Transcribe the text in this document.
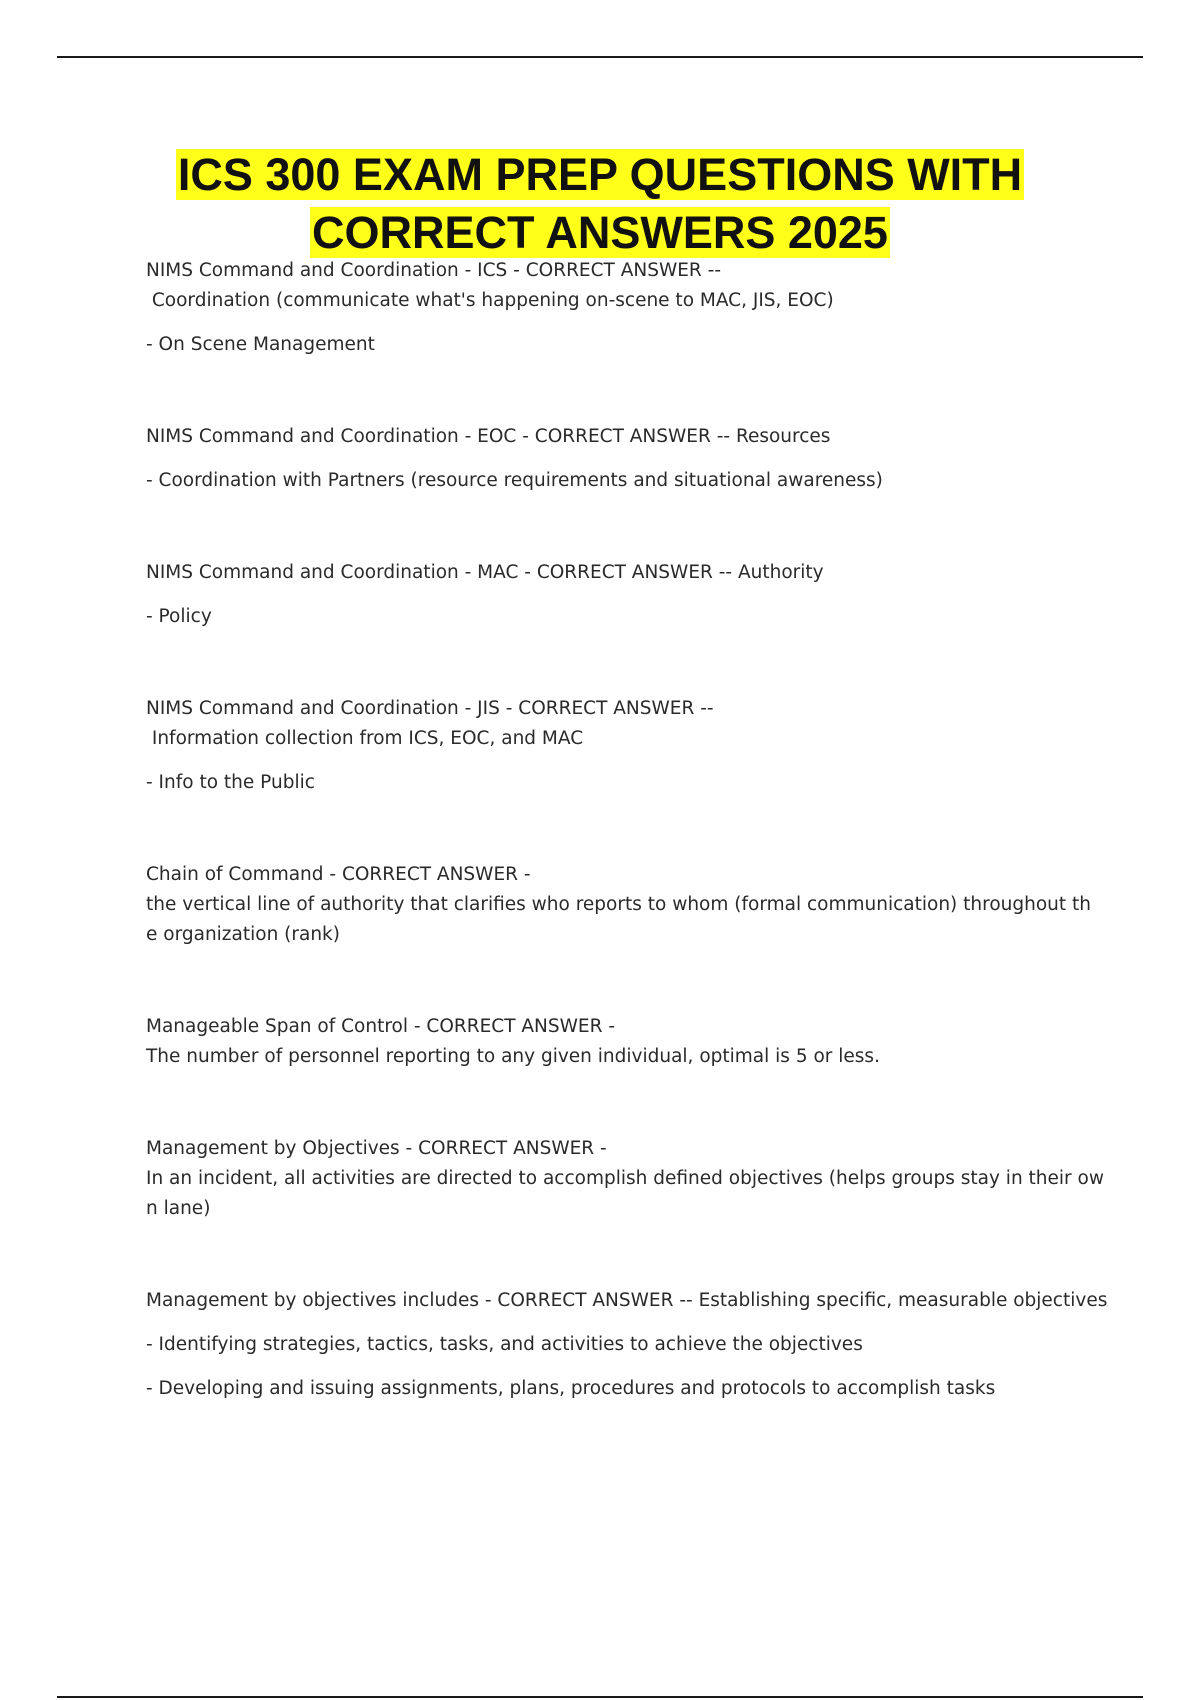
ICS 300 EXAM PREP QUESTIONS WITH
CORRECT ANSWERS 2025
NIMS Command and Coordination - ICS - CORRECT ANSWER --
Coordination (communicate what's happening on-scene to MAC, JIS, EOC)
- On Scene Management
NIMS Command and Coordination - EOC - CORRECT ANSWER -- Resources
- Coordination with Partners (resource requirements and situational awareness)
NIMS Command and Coordination - MAC - CORRECT ANSWER -- Authority
- Policy
NIMS Command and Coordination - JIS - CORRECT ANSWER --
Information collection from ICS, EOC, and MAC
- Info to the Public
Chain of Command - CORRECT ANSWER -
the vertical line of authority that clarifies who reports to whom (formal communication) throughout th
e organization (rank)
Manageable Span of Control - CORRECT ANSWER -
The number of personnel reporting to any given individual, optimal is 5 or less.
Management by Objectives - CORRECT ANSWER -
In an incident, all activities are directed to accomplish defined objectives (helps groups stay in their ow
n lane)
Management by objectives includes - CORRECT ANSWER -- Establishing specific, measurable objectives
- Identifying strategies, tactics, tasks, and activities to achieve the objectives
- Developing and issuing assignments, plans, procedures and protocols to accomplish tasks
